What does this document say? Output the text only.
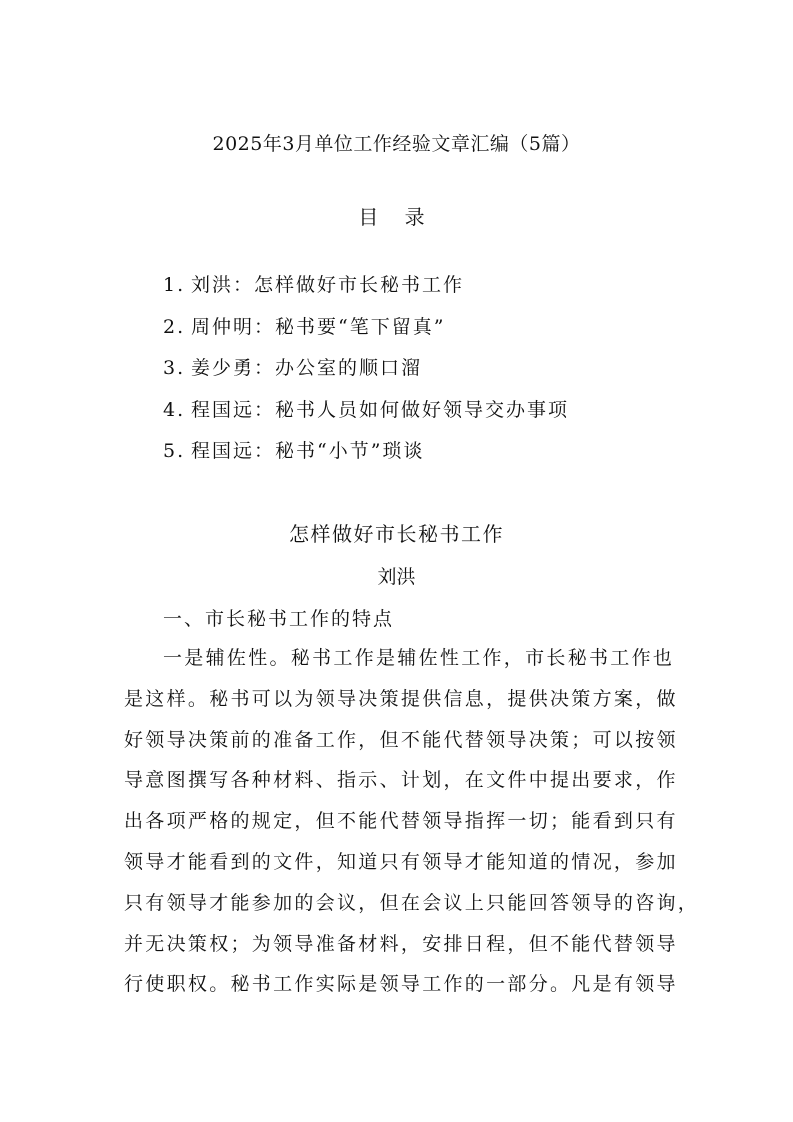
2025年3月单位工作经验文章汇编（5篇）
目 录
1. 刘洪：怎样做好市长秘书工作
2. 周仲明：秘书要“笔下留真”
3. 姜少勇：办公室的顺口溜
4. 程国远：秘书人员如何做好领导交办事项
5. 程国远：秘书“小节”琐谈
怎样做好市长秘书工作
刘洪
一、市长秘书工作的特点
一是辅佐性。秘书工作是辅佐性工作，市长秘书工作也
是这样。秘书可以为领导决策提供信息，提供决策方案，做
好领导决策前的准备工作，但不能代替领导决策；可以按领
导意图撰写各种材料、指示、计划，在文件中提出要求，作
出各项严格的规定，但不能代替领导指挥一切；能看到只有
领导才能看到的文件，知道只有领导才能知道的情况，参加
只有领导才能参加的会议，但在会议上只能回答领导的咨询，
并无决策权；为领导准备材料，安排日程，但不能代替领导
行使职权。秘书工作实际是领导工作的一部分。凡是有领导
